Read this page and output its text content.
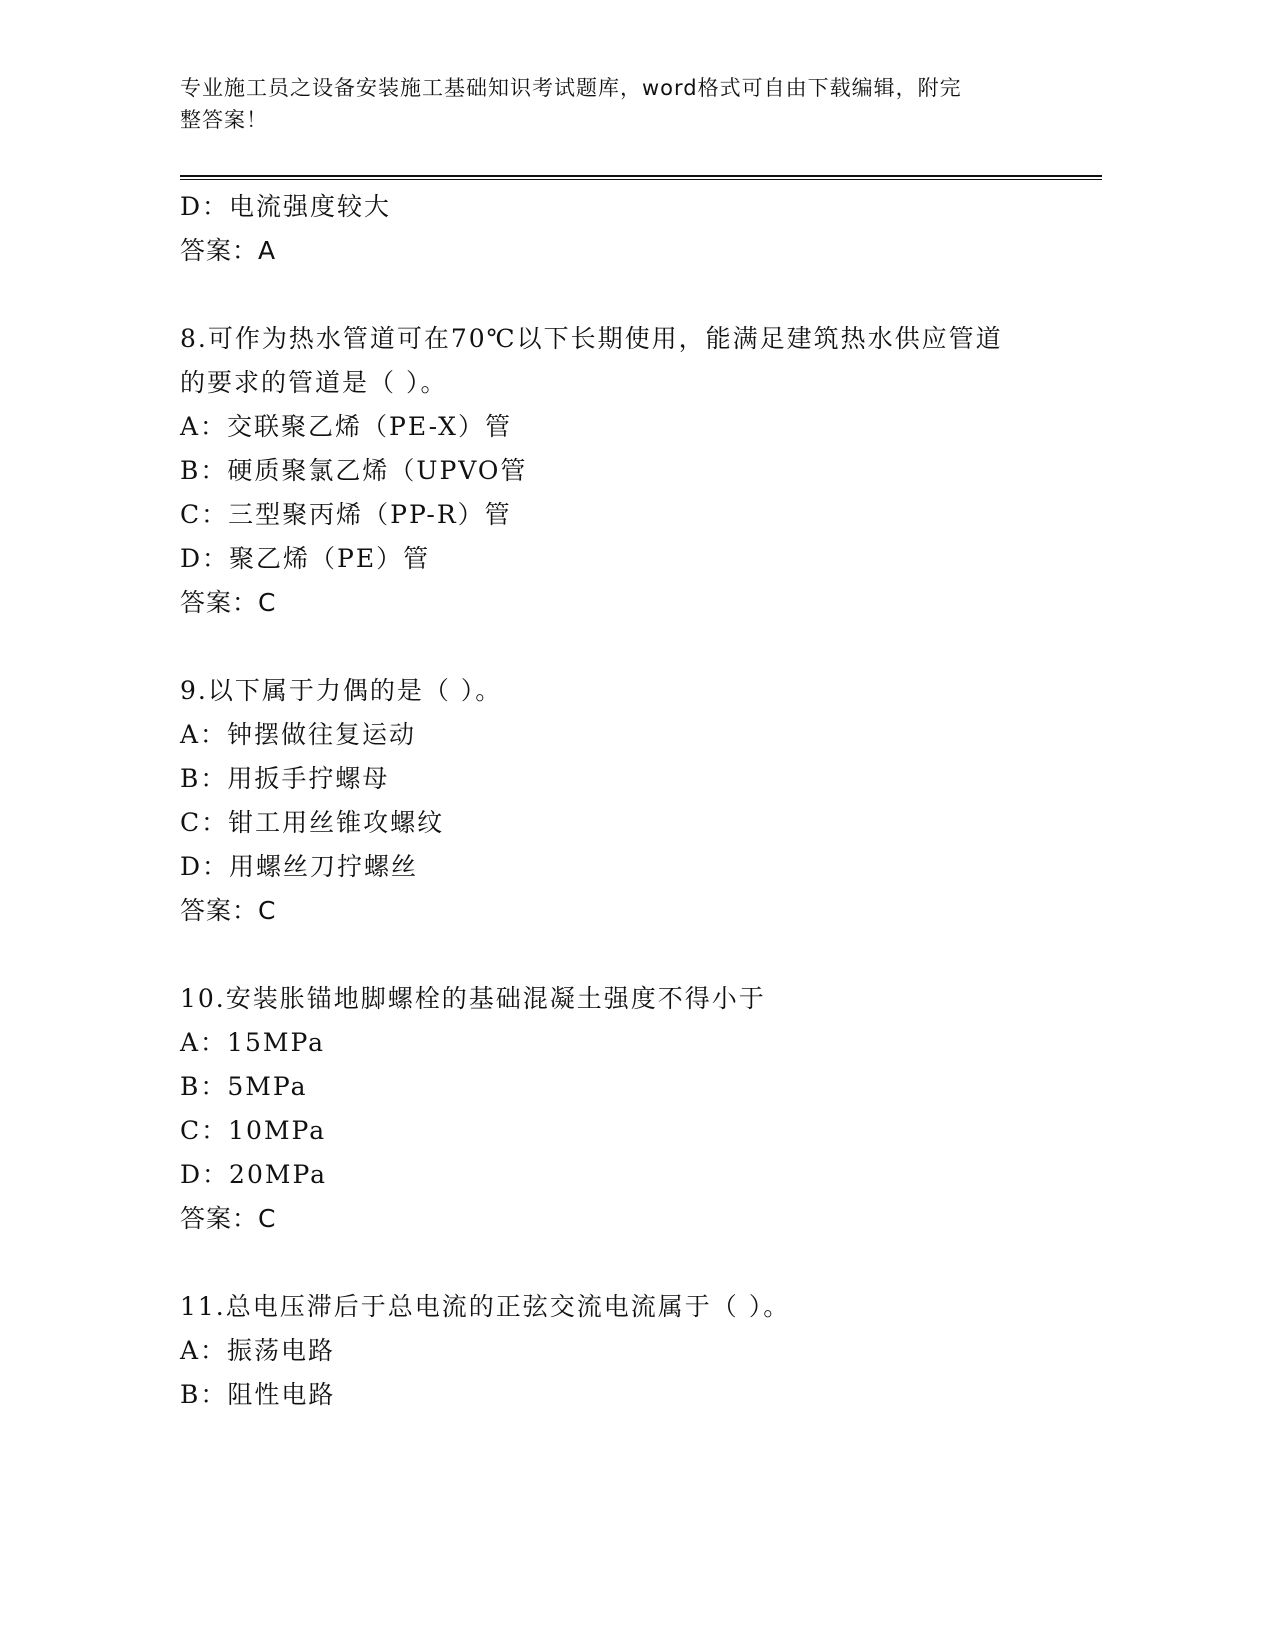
专业施工员之设备安装施工基础知识考试题库，word格式可自由下载编辑，附完
整答案！
D：电流强度较大
答案：A
8.可作为热水管道可在70℃以下长期使用，能满足建筑热水供应管道
的要求的管道是（ ）。
A：交联聚乙烯（PE-X）管
B：硬质聚氯乙烯（UPVO管
C：三型聚丙烯（PP-R）管
D：聚乙烯（PE）管
答案：C
9.以下属于力偶的是（ ）。
A：钟摆做往复运动
B：用扳手拧螺母
C：钳工用丝锥攻螺纹
D：用螺丝刀拧螺丝
答案：C
10.安装胀锚地脚螺栓的基础混凝土强度不得小于
A：15MPa
B：5MPa
C：10MPa
D：20MPa
答案：C
11.总电压滞后于总电流的正弦交流电流属于（ ）。
A：振荡电路
B：阻性电路
